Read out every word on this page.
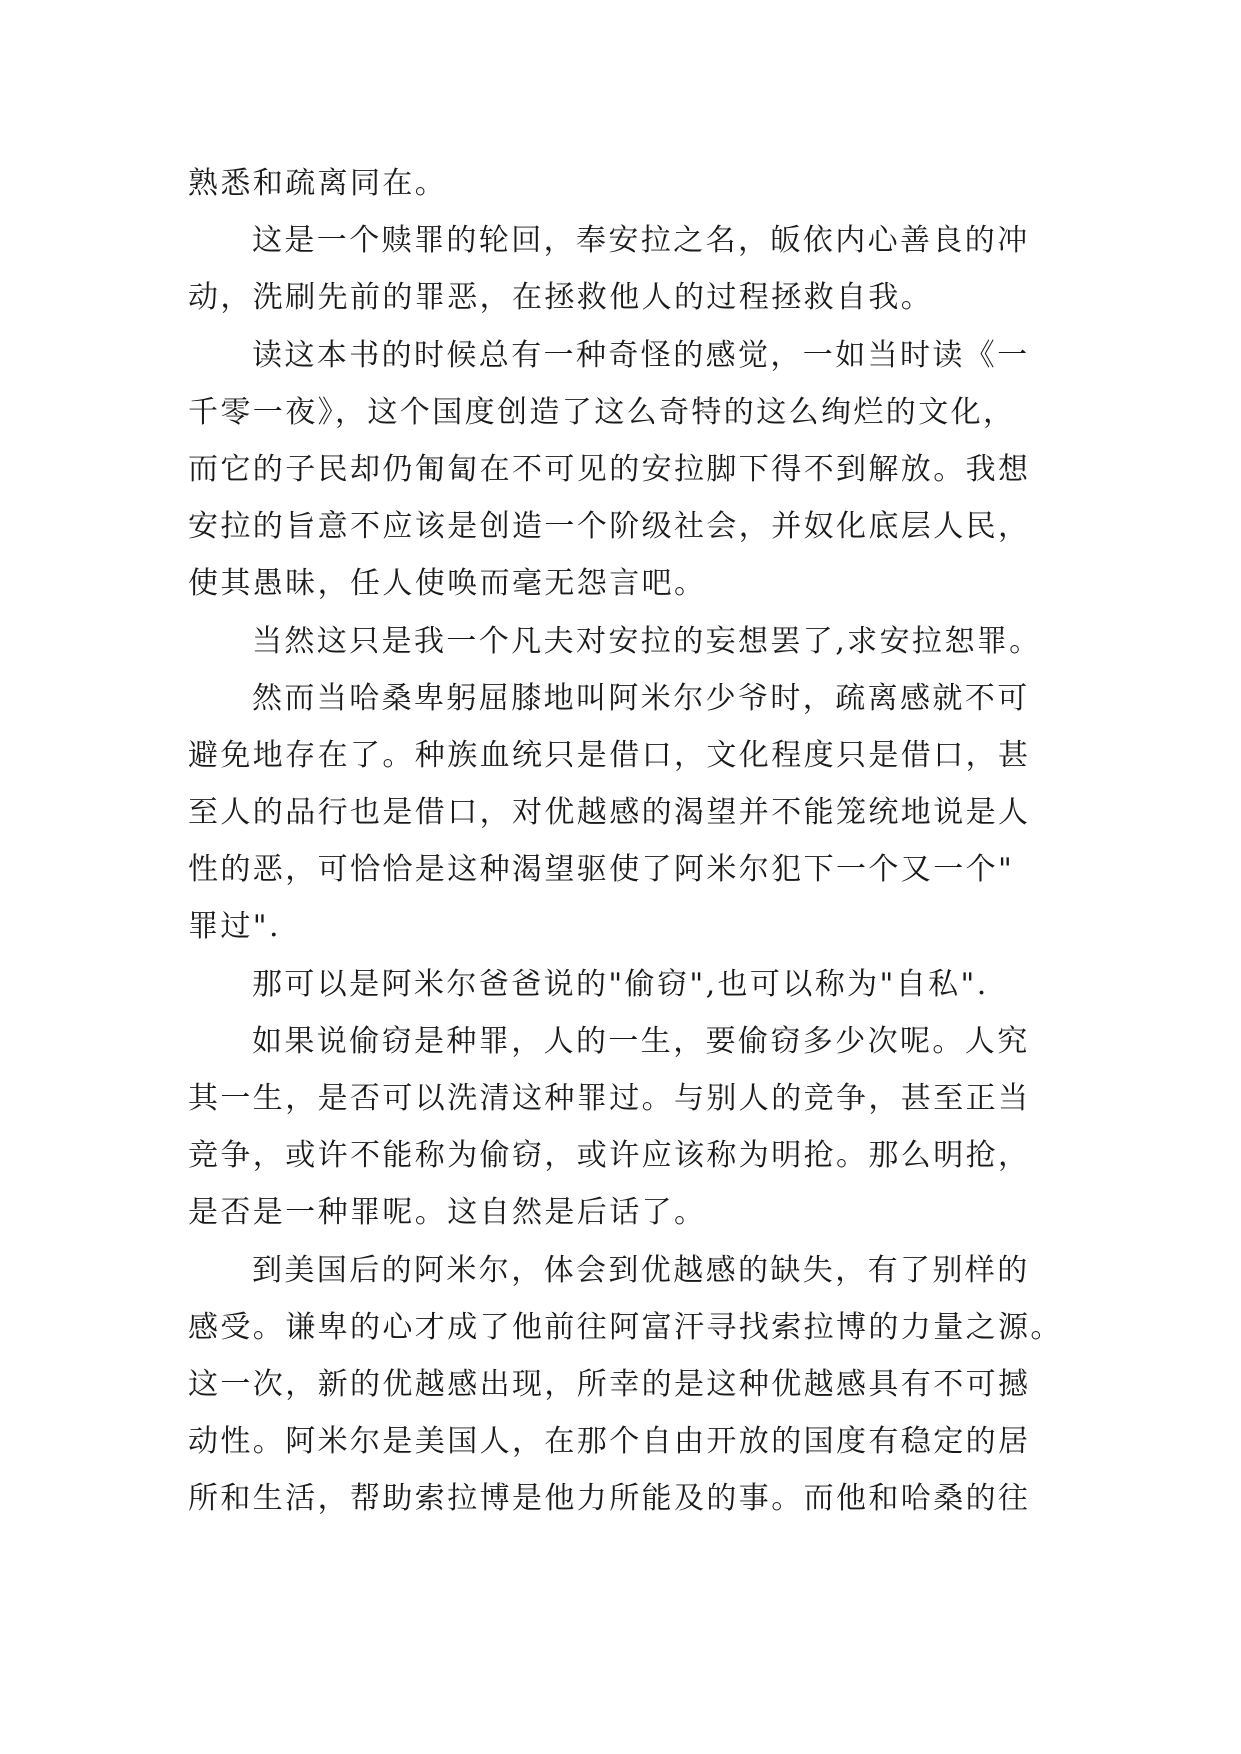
熟悉和疏离同在。
这是一个赎罪的轮回，奉安拉之名，皈依内心善良的冲
动，洗刷先前的罪恶，在拯救他人的过程拯救自我。
读这本书的时候总有一种奇怪的感觉，一如当时读《一
千零一夜》，这个国度创造了这么奇特的这么绚烂的文化，
而它的子民却仍匍匐在不可见的安拉脚下得不到解放。我想
安拉的旨意不应该是创造一个阶级社会，并奴化底层人民，
使其愚昧，任人使唤而毫无怨言吧。
当然这只是我一个凡夫对安拉的妄想罢了,求安拉恕罪。
然而当哈桑卑躬屈膝地叫阿米尔少爷时，疏离感就不可
避免地存在了。种族血统只是借口，文化程度只是借口，甚
至人的品行也是借口，对优越感的渴望并不能笼统地说是人
性的恶，可恰恰是这种渴望驱使了阿米尔犯下一个又一个"
罪过".
那可以是阿米尔爸爸说的"偷窃",也可以称为"自私".
如果说偷窃是种罪，人的一生，要偷窃多少次呢。人究
其一生，是否可以洗清这种罪过。与别人的竞争，甚至正当
竞争，或许不能称为偷窃，或许应该称为明抢。那么明抢，
是否是一种罪呢。这自然是后话了。
到美国后的阿米尔，体会到优越感的缺失，有了别样的
感受。谦卑的心才成了他前往阿富汗寻找索拉博的力量之源。
这一次，新的优越感出现，所幸的是这种优越感具有不可撼
动性。阿米尔是美国人，在那个自由开放的国度有稳定的居
所和生活，帮助索拉博是他力所能及的事。而他和哈桑的往
